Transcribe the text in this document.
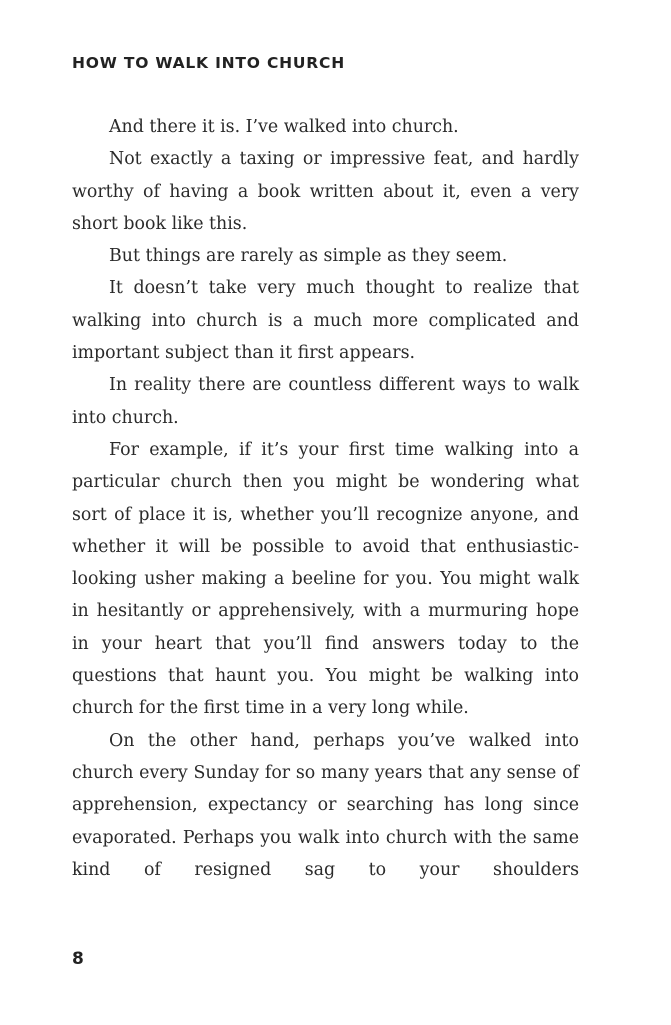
HOW TO WALK INTO CHURCH

And there it is. I’ve walked into church.

Not exactly a taxing or impressive feat, and hardly worthy of having a book written about it, even a very short book like this.

But things are rarely as simple as they seem.

It doesn’t take very much thought to realize that walking into church is a much more complicated and important subject than it first appears.

In reality there are countless different ways to walk into church.

For example, if it’s your first time walking into a particular church then you might be wondering what sort of place it is, whether you’ll recognize anyone, and whether it will be possible to avoid that enthusiastic-looking usher making a beeline for you. You might walk in hesitantly or apprehensively, with a murmuring hope in your heart that you’ll find answers today to the questions that haunt you. You might be walking into church for the first time in a very long while.

On the other hand, perhaps you’ve walked into church every Sunday for so many years that any sense of apprehension, expectancy or searching has long since evaporated. Perhaps you walk into church with the same kind of resigned sag to your shoulders

8
